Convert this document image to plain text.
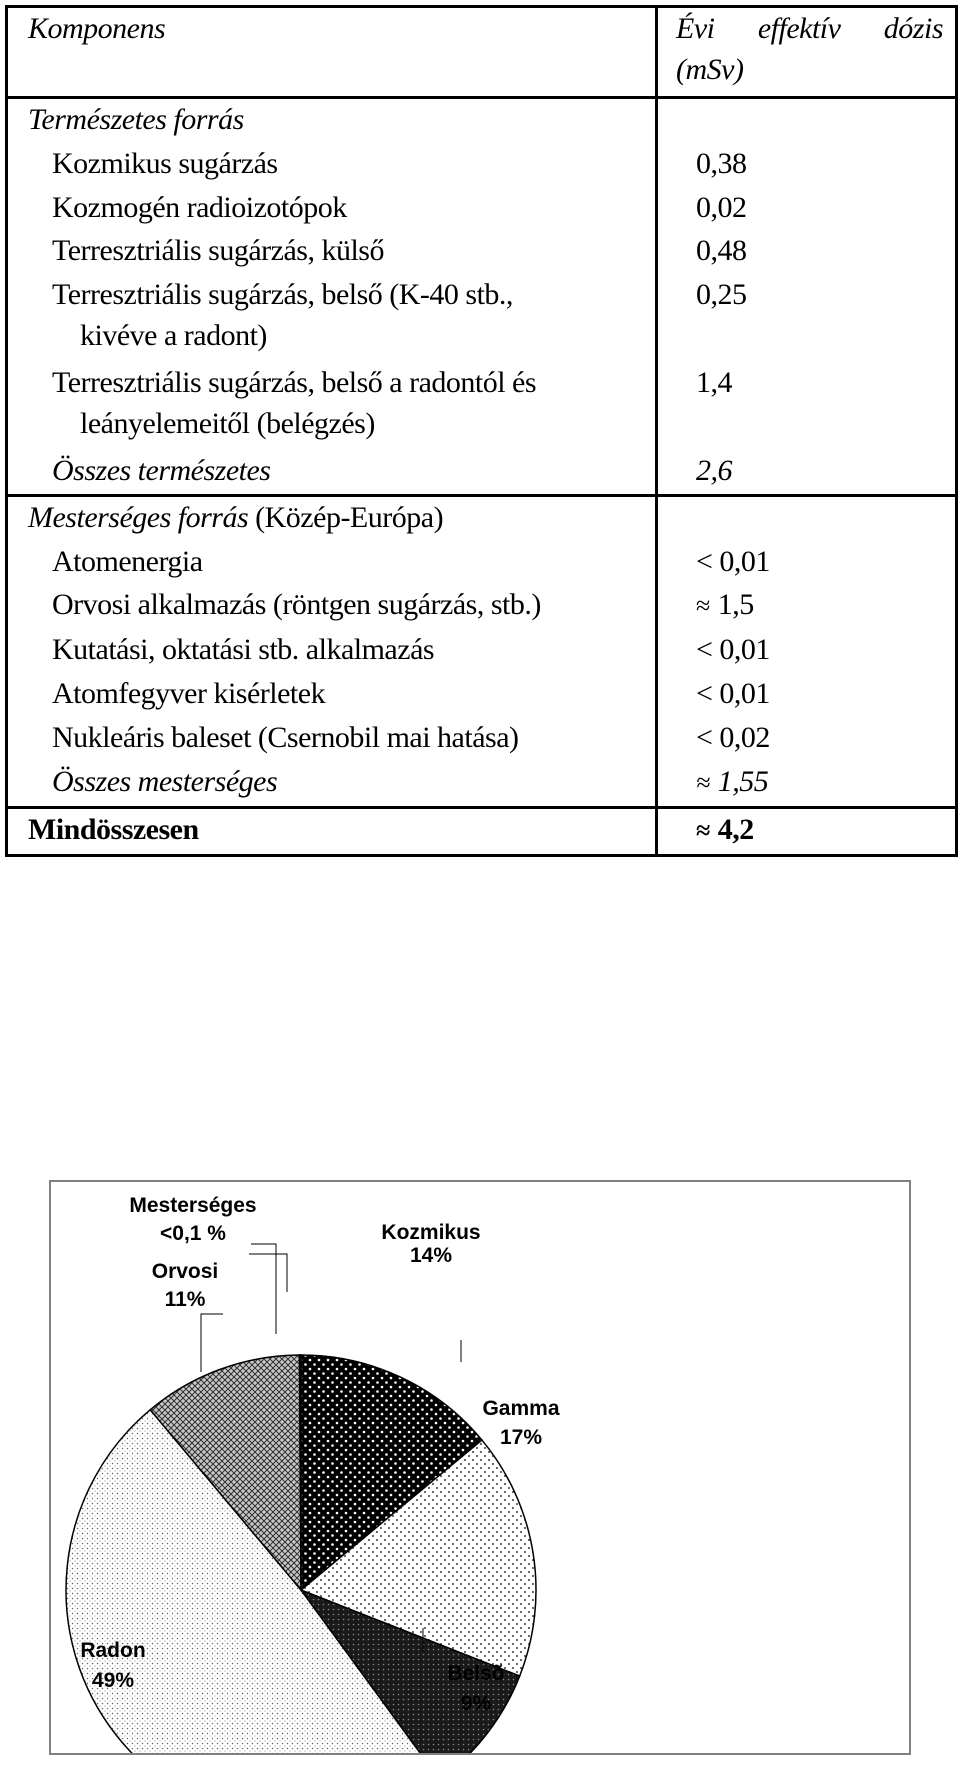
Komponens	Évi effektív dózis (mSv)
Természetes forrás	
Kozmikus sugárzás	0,38
Kozmogén radioizotópok	0,02
Terresztriális sugárzás, külső	0,48
Terresztriális sugárzás, belső (K-40 stb.,
kivéve a radont)	0,25
Terresztriális sugárzás, belső a radontól és
leányelemeitől (belégzés)	1,4
Összes természetes	2,6
Mesterséges forrás (Közép-Európa)	
Atomenergia	< 0,01
Orvosi alkalmazás (röntgen sugárzás, stb.)	≈ 1,5
Kutatási, oktatási stb. alkalmazás	< 0,01
Atomfegyver kisérletek	< 0,01
Nukleáris baleset (Csernobil mai hatása)	< 0,02
Összes mesterséges	≈ 1,55
Mindösszesen	≈ 4,2
Kozmikus
14%
Gamma
17%
Belsõ
9%
Radon
49%
Orvosi
11%
Mesterséges
<0,1 %
